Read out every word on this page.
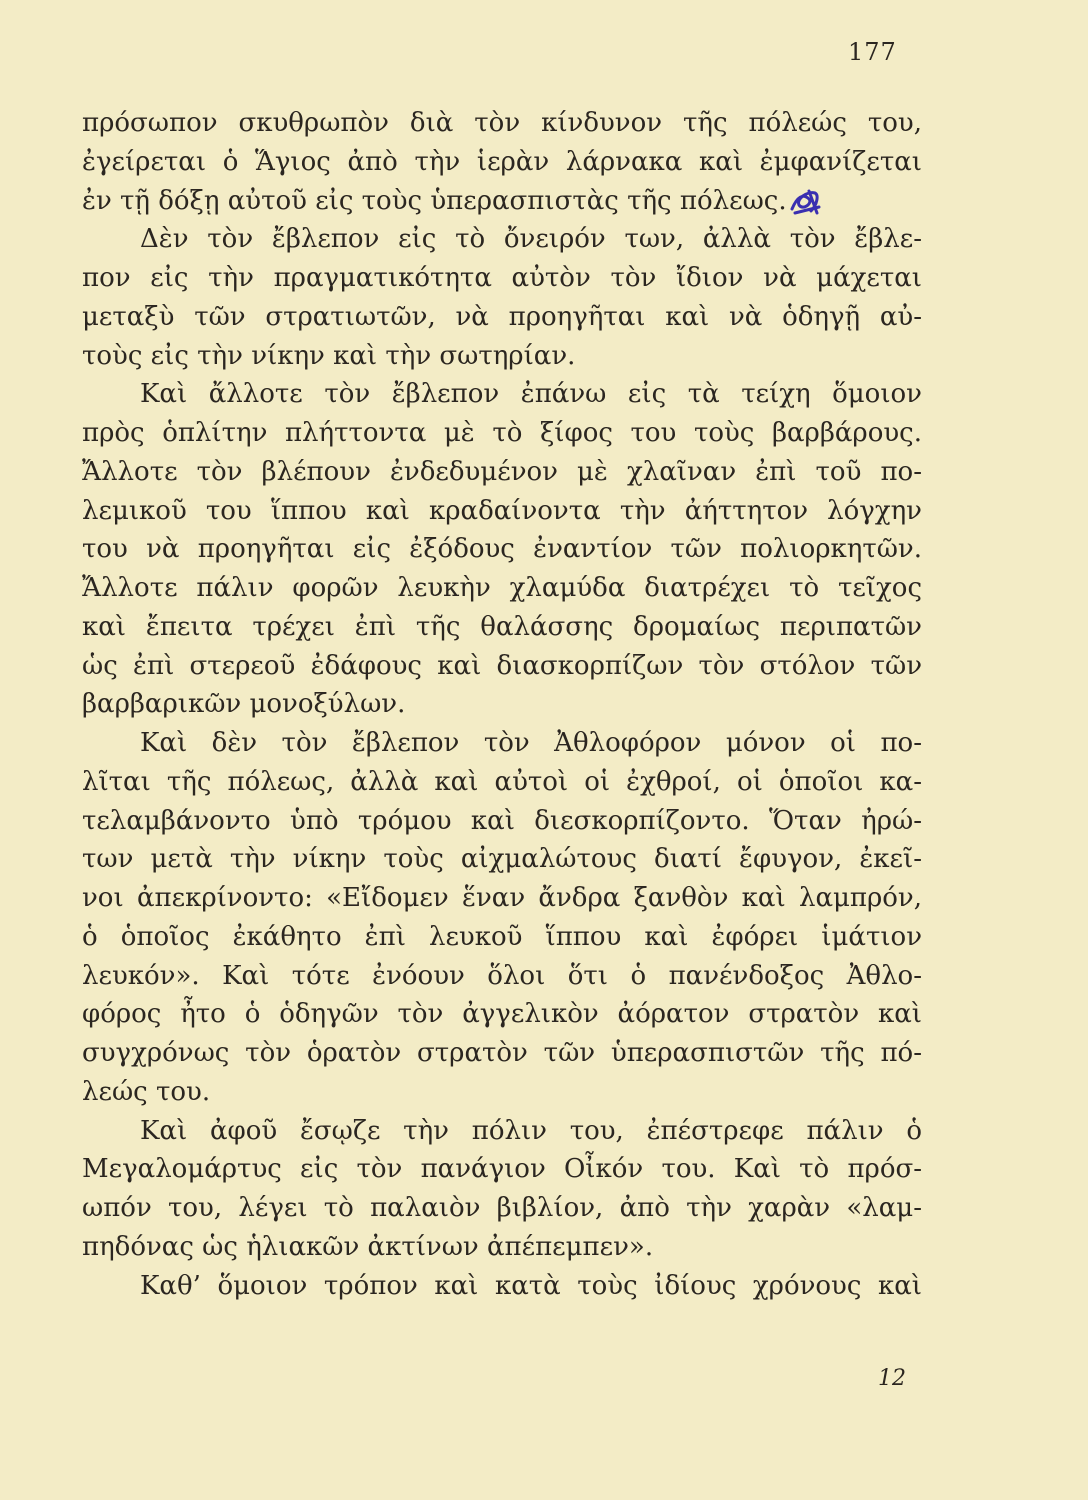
177
πρόσωπον σκυθρωπὸν διὰ τὸν κίνδυνον τῆς πόλεώς του,
ἐγείρεται ὁ Ἅγιος ἀπὸ τὴν ἱερὰν λάρνακα καὶ ἐμφανίζεται
ἐν τῇ δόξῃ αὐτοῦ εἰς τοὺς ὑπερασπιστὰς τῆς πόλεως.
Δὲν τὸν ἔβλεπον εἰς τὸ ὄνειρόν των, ἀλλὰ τὸν ἔβλε-
πον εἰς τὴν πραγματικότητα αὐτὸν τὸν ἴδιον νὰ μάχεται
μεταξὺ τῶν στρατιωτῶν, νὰ προηγῆται καὶ νὰ ὁδηγῇ αὐ-
τοὺς εἰς τὴν νίκην καὶ τὴν σωτηρίαν.
Καὶ ἄλλοτε τὸν ἔβλεπον ἐπάνω εἰς τὰ τείχη ὅμοιον
πρὸς ὁπλίτην πλήττοντα μὲ τὸ ξίφος του τοὺς βαρβάρους.
Ἄλλοτε τὸν βλέπουν ἐνδεδυμένον μὲ χλαῖναν ἐπὶ τοῦ πο-
λεμικοῦ του ἵππου καὶ κραδαίνοντα τὴν ἀήττητον λόγχην
του νὰ προηγῆται εἰς ἐξόδους ἐναντίον τῶν πολιορκητῶν.
Ἄλλοτε πάλιν φορῶν λευκὴν χλαμύδα διατρέχει τὸ τεῖχος
καὶ ἔπειτα τρέχει ἐπὶ τῆς θαλάσσης δρομαίως περιπατῶν
ὡς ἐπὶ στερεοῦ ἐδάφους καὶ διασκορπίζων τὸν στόλον τῶν
βαρβαρικῶν μονοξύλων.
Καὶ δὲν τὸν ἔβλεπον τὸν Ἀθλοφόρον μόνον οἱ πο-
λῖται τῆς πόλεως, ἀλλὰ καὶ αὐτοὶ οἱ ἐχθροί, οἱ ὁποῖοι κα-
τελαμβάνοντο ὑπὸ τρόμου καὶ διεσκορπίζοντο. Ὅταν ἠρώ-
των μετὰ τὴν νίκην τοὺς αἰχμαλώτους διατί ἔφυγον, ἐκεῖ-
νοι ἀπεκρίνοντο: «Εἴδομεν ἕναν ἄνδρα ξανθὸν καὶ λαμπρόν,
ὁ ὁποῖος ἐκάθητο ἐπὶ λευκοῦ ἵππου καὶ ἐφόρει ἱμάτιον
λευκόν». Καὶ τότε ἐνόουν ὅλοι ὅτι ὁ πανένδοξος Ἀθλο-
φόρος ἦτο ὁ ὁδηγῶν τὸν ἀγγελικὸν ἀόρατον στρατὸν καὶ
συγχρόνως τὸν ὁρατὸν στρατὸν τῶν ὑπερασπιστῶν τῆς πό-
λεώς του.
Καὶ ἀφοῦ ἔσῳζε τὴν πόλιν του, ἐπέστρεφε πάλιν ὁ
Μεγαλομάρτυς εἰς τὸν πανάγιον Οἶκόν του. Καὶ τὸ πρόσ-
ωπόν του, λέγει τὸ παλαιὸν βιβλίον, ἀπὸ τὴν χαρὰν «λαμ-
πηδόνας ὡς ἡλιακῶν ἀκτίνων ἀπέπεμπεν».
Καθ’ ὅμοιον τρόπον καὶ κατὰ τοὺς ἰδίους χρόνους καὶ
12
